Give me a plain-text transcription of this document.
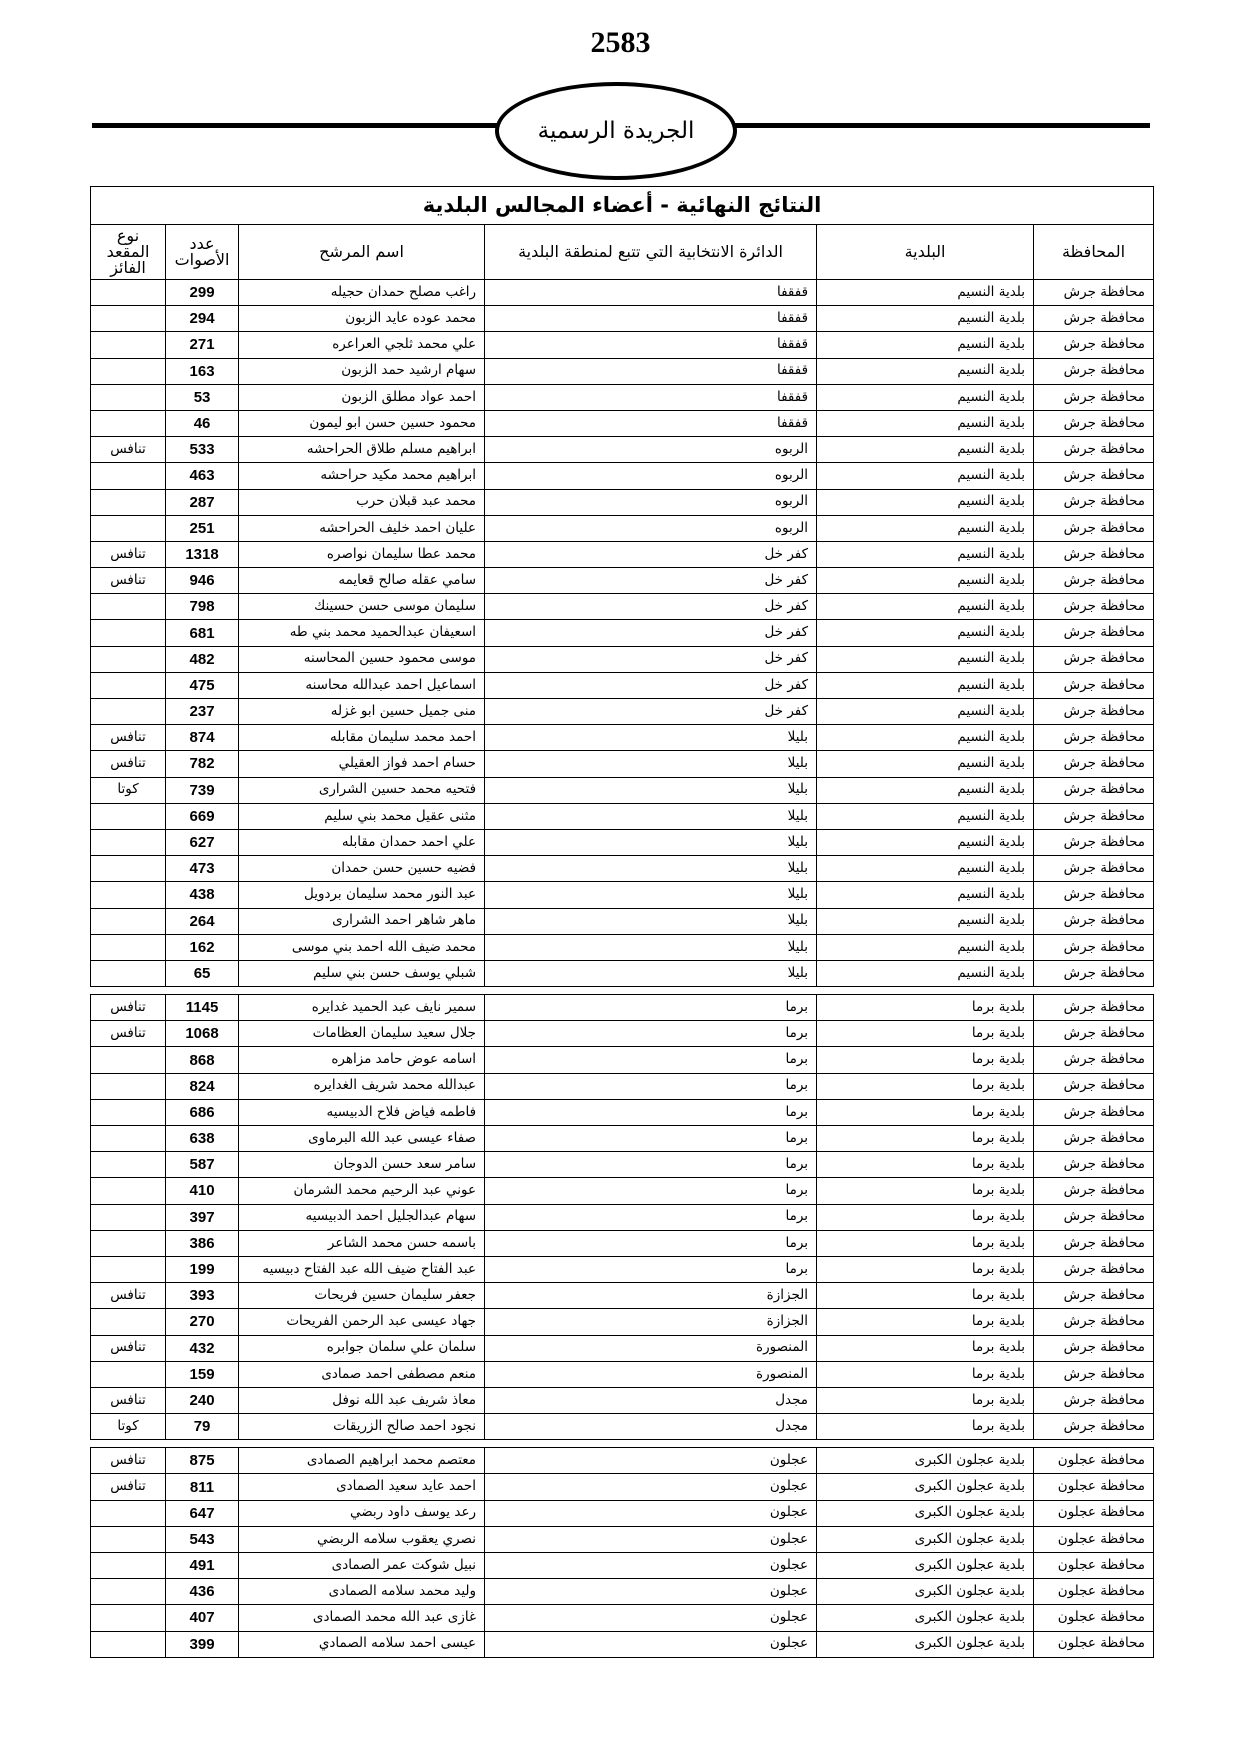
2583
الجريدة الرسمية
النتائج النهائية - أعضاء المجالس البلدية					
المحافظة	البلدية	الدائرة الانتخابية التي تتبع لمنطقة البلدية	اسم المرشح	عدد الأصوات	نوع المقعد الفائز
محافظة جرش	بلدية النسيم	قفقفا	راغب مصلح حمدان حجيله	299	
محافظة جرش	بلدية النسيم	قفقفا	محمد عوده عايد الزبون	294	
محافظة جرش	بلدية النسيم	قفقفا	علي محمد ثلجي العراعره	271	
محافظة جرش	بلدية النسيم	قفقفا	سهام ارشيد حمد الزبون	163	
محافظة جرش	بلدية النسيم	قفقفا	احمد عواد مطلق الزبون	53	
محافظة جرش	بلدية النسيم	قفقفا	محمود حسين حسن ابو ليمون	46	
محافظة جرش	بلدية النسيم	الربوه	ابراهيم مسلم طلاق الحراحشه	533	تنافس
محافظة جرش	بلدية النسيم	الربوه	ابراهيم محمد مكيد حراحشه	463	
محافظة جرش	بلدية النسيم	الربوه	محمد عبد قبلان حرب	287	
محافظة جرش	بلدية النسيم	الربوه	عليان احمد خليف الحراحشه	251	
محافظة جرش	بلدية النسيم	كفر خل	محمد عطا سليمان نواصره	1318	تنافس
محافظة جرش	بلدية النسيم	كفر خل	سامي عقله صالح قعايمه	946	تنافس
محافظة جرش	بلدية النسيم	كفر خل	سليمان موسى حسن حسينك	798	
محافظة جرش	بلدية النسيم	كفر خل	اسعيفان عبدالحميد محمد بني طه	681	
محافظة جرش	بلدية النسيم	كفر خل	موسى محمود حسين المحاسنه	482	
محافظة جرش	بلدية النسيم	كفر خل	اسماعيل احمد عبدالله محاسنه	475	
محافظة جرش	بلدية النسيم	كفر خل	منى جميل حسين ابو غزله	237	
محافظة جرش	بلدية النسيم	بليلا	احمد محمد سليمان مقابله	874	تنافس
محافظة جرش	بلدية النسيم	بليلا	حسام احمد فواز العقيلي	782	تنافس
محافظة جرش	بلدية النسيم	بليلا	فتحيه محمد حسين الشرارى	739	كوتا
محافظة جرش	بلدية النسيم	بليلا	مثنى عقيل محمد بني سليم	669	
محافظة جرش	بلدية النسيم	بليلا	علي احمد حمدان مقابله	627	
محافظة جرش	بلدية النسيم	بليلا	فضيه حسين حسن حمدان	473	
محافظة جرش	بلدية النسيم	بليلا	عبد النور محمد سليمان بردويل	438	
محافظة جرش	بلدية النسيم	بليلا	ماهر شاهر احمد الشرارى	264	
محافظة جرش	بلدية النسيم	بليلا	محمد ضيف الله احمد بني موسى	162	
محافظة جرش	بلدية النسيم	بليلا	شبلي يوسف حسن بني سليم	65	

محافظة جرش	بلدية برما	برما	سمير نايف عبد الحميد غدايره	1145	تنافس
محافظة جرش	بلدية برما	برما	جلال سعيد سليمان العظامات	1068	تنافس
محافظة جرش	بلدية برما	برما	اسامه عوض حامد مزاهره	868	
محافظة جرش	بلدية برما	برما	عبدالله محمد شريف الغدايره	824	
محافظة جرش	بلدية برما	برما	فاطمه فياض فلاح الدبيسيه	686	
محافظة جرش	بلدية برما	برما	صفاء عيسى عبد الله البرماوى	638	
محافظة جرش	بلدية برما	برما	سامر سعد حسن الدوجان	587	
محافظة جرش	بلدية برما	برما	عوني عبد الرحيم محمد الشرمان	410	
محافظة جرش	بلدية برما	برما	سهام عبدالجليل احمد الدبيسيه	397	
محافظة جرش	بلدية برما	برما	باسمه حسن محمد الشاعر	386	
محافظة جرش	بلدية برما	برما	عبد الفتاح ضيف الله عبد الفتاح دبيسيه	199	
محافظة جرش	بلدية برما	الجزازة	جعفر سليمان حسين فريحات	393	تنافس
محافظة جرش	بلدية برما	الجزازة	جهاد عيسى عبد الرحمن الفريحات	270	
محافظة جرش	بلدية برما	المنصورة	سلمان علي سلمان جوابره	432	تنافس
محافظة جرش	بلدية برما	المنصورة	منعم مصطفى احمد صمادى	159	
محافظة جرش	بلدية برما	مجدل	معاذ شريف عبد الله نوفل	240	تنافس
محافظة جرش	بلدية برما	مجدل	نجود احمد صالح الزريقات	79	كوتا

محافظة عجلون	بلدية عجلون الكبرى	عجلون	معتصم محمد ابراهيم الصمادى	875	تنافس
محافظة عجلون	بلدية عجلون الكبرى	عجلون	احمد عايد سعيد الصمادى	811	تنافس
محافظة عجلون	بلدية عجلون الكبرى	عجلون	رعد يوسف داود ربضي	647	
محافظة عجلون	بلدية عجلون الكبرى	عجلون	نصري يعقوب سلامه الربضي	543	
محافظة عجلون	بلدية عجلون الكبرى	عجلون	نبيل شوكت عمر الصمادى	491	
محافظة عجلون	بلدية عجلون الكبرى	عجلون	وليد محمد سلامه الصمادى	436	
محافظة عجلون	بلدية عجلون الكبرى	عجلون	غازى عبد الله محمد الصمادى	407	
محافظة عجلون	بلدية عجلون الكبرى	عجلون	عيسى احمد سلامه الصمادي	399	
